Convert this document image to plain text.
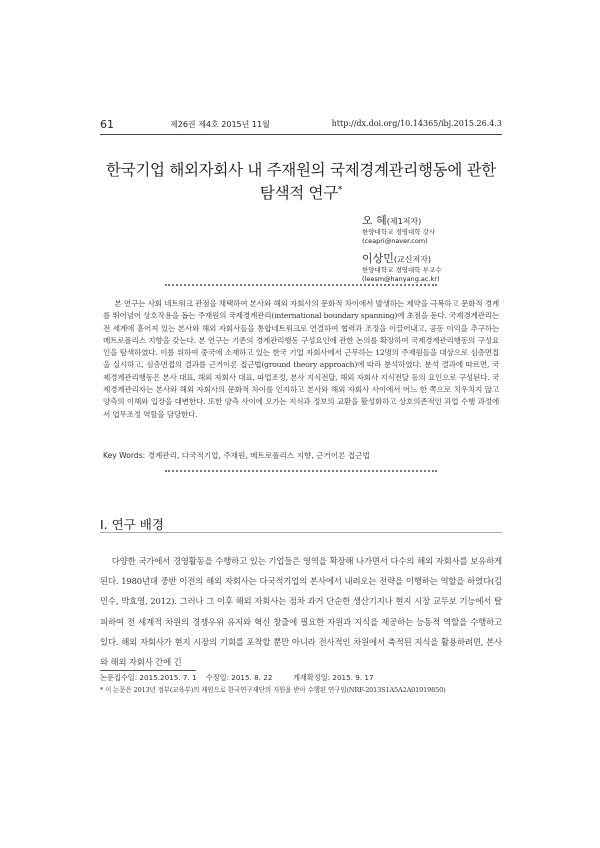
61	제26권 제4호 2015년 11월	http://dx.doi.org/10.14365/ibj.2015.26.4.3
한국기업 해외자회사 내 주재원의 국제경계관리행동에 관한
탐색적 연구*
오 혜(제1저자)
한양대학교 경영대학 강사
(ceapri@naver.com)
이상민(교신저자)
한양대학교 경영대학 부교수
(leesm@hanyang.ac.kr)

본 연구는 사회 네트워크 관점을 채택하여 본사와 해외 자회사의 문화적 차이에서 발생하는 제약을 극복하고 문화적 경계를 뛰어넘어 상호작용을 돕는 주재원의 국제경계관리(international boundary spanning)에 초점을 둔다. 국제경계관리는 전 세계에 흩어져 있는 본사와 해외 자회사들을 통합네트워크로 연결하여 협력과 조정을 이끌어내고, 공동 이익을 추구하는 메트로폴리스 지향을 갖는다. 본 연구는 기존의 경계관리행동 구성요인에 관한 논의를 확장하여 국제경계관리행동의 구성요인을 탐색하였다. 이를 위하여 중국에 소재하고 있는 한국 기업 자회사에서 근무하는 12명의 주재원들을 대상으로 심층면접을 실시하고, 심층면접의 결과를 근거이론 접근법(ground theory approach)에 따라 분석하였다. 분석 결과에 따르면, 국제경계관리행동은 본사 대표, 해외 자회사 대표, 파업조정, 본사 지식전달, 해외 자회사 지식전달 등의 요인으로 구성된다. 국제경계관리자는 본사와 해외 자회사의 문화적 차이를 인지하고 본사와 해외 자회사 사이에서 어느 한 쪽으로 치우치지 않고 양측의 이해와 입장을 대변한다. 또한 양측 사이에 오가는 지식과 정보의 교환을 활성화하고 상호의존적인 과업 수행 과정에서 업무조정 역할을 담당한다.

Key Words: 경계관리, 다국적기업, 주재원, 메트로폴리스 지향, 근거이론 접근법
Ⅰ. 연구 배경

다양한 국가에서 경영활동을 수행하고 있는 기업들은 영역을 확장해 나가면서 다수의 해외 자회사를 보유하게 된다. 1980년대 중반 이전의 해외 자회사는 다국적기업의 본사에서 내려오는 전략을 이행하는 역할을 하였다(김민수, 박효영, 2012). 그러나 그 이후 해외 자회사는 점차 과거 단순한 생산기지나 현지 시장 교두보 기능에서 탈피하여 전 세계적 차원의 경쟁우위 유지와 혁신 창출에 필요한 자원과 지식을 제공하는 능동적 역할을 수행하고 있다. 해외 자회사가 현지 시장의 기회를 포착할 뿐만 아니라 전사적인 차원에서 축적된 지식을 활용하려면, 본사와 해외 자회사 간에 긴

논문접수일: 2015.2015. 7. 1    수정일: 2015. 8. 22         게재확정일: 2015. 9. 17
* 이 논문은 2013년 정부(교육부)의 재원으로 한국연구재단의 지원을 받아 수행된 연구임(NRF-2013S1A5A2A01019850)
